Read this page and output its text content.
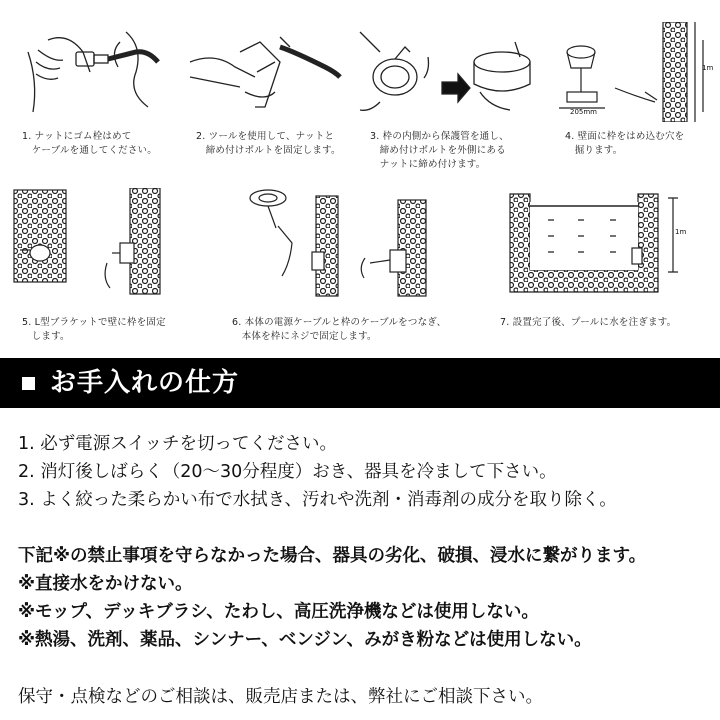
1. ナットにゴム栓はめて
　ケーブルを通してください。
2. ツールを使用して、ナットと
　締め付けボルトを固定します。
3. 枠の内側から保護管を通し、
　締め付けボルトを外側にある
　ナットに締め付けます。
1m
205mm
4. 壁面に枠をはめ込む穴を
　掘ります。
5. L型ブラケットで壁に枠を固定
　します。
6. 本体の電源ケーブルと枠のケーブルをつなぎ、
　本体を枠にネジで固定します。
1m
7. 設置完了後、プールに水を注ぎます。
お手入れの仕方
1. 必ず電源スイッチを切ってください。
2. 消灯後しばらく（20〜30分程度）おき、器具を冷まして下さい。
3. よく絞った柔らかい布で水拭き、汚れや洗剤・消毒剤の成分を取り除く。
下記※の禁止事項を守らなかった場合、器具の劣化、破損、浸水に繋がります。
※直接水をかけない。
※モップ、デッキブラシ、たわし、高圧洗浄機などは使用しない。
※熱湯、洗剤、薬品、シンナー、ベンジン、みがき粉などは使用しない。
保守・点検などのご相談は、販売店または、弊社にご相談下さい。
